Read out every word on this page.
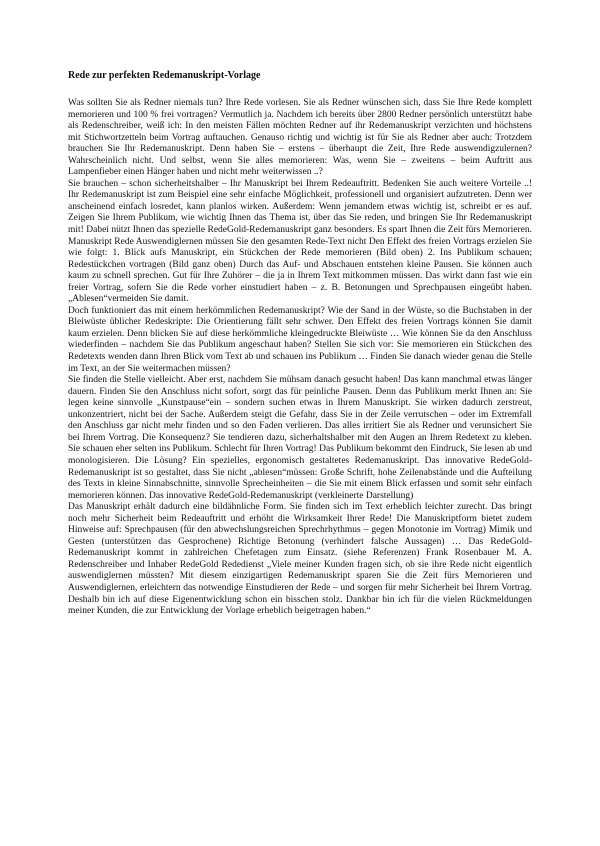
Rede zur perfekten Redemanuskript-Vorlage

Was sollten Sie als Redner niemals tun? Ihre Rede vorlesen. Sie als Redner wünschen sich, dass Sie Ihre Rede komplett memorieren und 100 % frei vortragen? Vermutlich ja. Nachdem ich bereits über 2800 Redner persönlich unterstützt habe als Redenschreiber, weiß ich: In den meisten Fällen möchten Redner auf ihr Redemanuskript verzichten und höchstens mit Stichwortzetteln beim Vortrag auftauchen. Genauso richtig und wichtig ist für Sie als Redner aber auch: Trotzdem brauchen Sie Ihr Redemanuskript. Denn haben Sie – erstens – überhaupt die Zeit, Ihre Rede auswendigzulernen? Wahrscheinlich nicht. Und selbst, wenn Sie alles memorieren: Was, wenn Sie – zweitens – beim Auftritt aus Lampenfieber einen Hänger haben und nicht mehr weiterwissen ..?

Sie brauchen – schon sicherheitshalber – Ihr Manuskript bei Ihrem Redeauftritt. Bedenken Sie auch weitere Vorteile ..! Ihr Redemanuskript ist zum Beispiel eine sehr einfache Möglichkeit, professionell und organisiert aufzutreten. Denn wer anscheinend einfach losredet, kann planlos wirken. Außerdem: Wenn jemandem etwas wichtig ist, schreibt er es auf. Zeigen Sie Ihrem Publikum, wie wichtig Ihnen das Thema ist, über das Sie reden, und bringen Sie Ihr Redemanuskript mit! Dabei nützt Ihnen das spezielle RedeGold-Redemanuskript ganz besonders. Es spart Ihnen die Zeit fürs Memorieren. Manuskript Rede Auswendiglernen müssen Sie den gesamten Rede-Text nicht Den Effekt des freien Vortrags erzielen Sie wie folgt: 1. Blick aufs Manuskript, ein Stückchen der Rede memorieren (Bild oben) 2. Ins Publikum schauen; Redestückchen vortragen (Bild ganz oben) Durch das Auf- und Abschauen entstehen kleine Pausen. Sie können auch kaum zu schnell sprechen. Gut für Ihre Zuhörer – die ja in Ihrem Text mitkommen müssen. Das wirkt dann fast wie ein freier Vortrag, sofern Sie die Rede vorher einstudiert haben – z. B. Betonungen und Sprechpausen eingeübt haben. „Ablesen“vermeiden Sie damit.

Doch funktioniert das mit einem herkömmlichen Redemanuskript? Wie der Sand in der Wüste, so die Buchstaben in der Bleiwüste üblicher Redeskripte: Die Orientierung fällt sehr schwer. Den Effekt des freien Vortrags können Sie damit kaum erzielen. Denn blicken Sie auf diese herkömmliche kleingedruckte Bleiwüste … Wie können Sie da den Anschluss wiederfinden – nachdem Sie das Publikum angeschaut haben? Stellen Sie sich vor: Sie memorieren ein Stückchen des Redetexts wenden dann Ihren Blick vom Text ab und schauen ins Publikum … Finden Sie danach wieder genau die Stelle im Text, an der Sie weitermachen müssen?

Sie finden die Stelle vielleicht. Aber erst, nachdem Sie mühsam danach gesucht haben! Das kann manchmal etwas länger dauern. Finden Sie den Anschluss nicht sofort, sorgt das für peinliche Pausen. Denn das Publikum merkt Ihnen an: Sie legen keine sinnvolle „Kunstpause“ein – sondern suchen etwas in Ihrem Manuskript. Sie wirken dadurch zerstreut, unkonzentriert, nicht bei der Sache. Außerdem steigt die Gefahr, dass Sie in der Zeile verrutschen – oder im Extremfall den Anschluss gar nicht mehr finden und so den Faden verlieren. Das alles irritiert Sie als Redner und verunsichert Sie bei Ihrem Vortrag. Die Konsequenz? Sie tendieren dazu, sicherhaltshalber mit den Augen an Ihrem Redetext zu kleben. Sie schauen eher selten ins Publikum. Schlecht für Ihren Vortrag! Das Publikum bekommt den Eindruck, Sie lesen ab und monologisieren. Die Lösung? Ein spezielles, ergonomisch gestaltetes Redemanuskript. Das innovative RedeGold-Redemanuskript ist so gestaltet, dass Sie nicht „ablesen“müssen: Große Schrift, hohe Zeilenabstände und die Aufteilung des Texts in kleine Sinnabschnitte, sinnvolle Sprecheinheiten – die Sie mit einem Blick erfassen und somit sehr einfach memorieren können. Das innovative RedeGold-Redemanuskript (verkleinerte Darstellung)

Das Manuskript erhält dadurch eine bildähnliche Form. Sie finden sich im Text erheblich leichter zurecht. Das bringt noch mehr Sicherheit beim Redeauftritt und erhöht die Wirksamkeit Ihrer Rede! Die Manuskriptform bietet zudem Hinweise auf: Sprechpausen (für den abwechslungsreichen Sprechrhythmus – gegen Monotonie im Vortrag) Mimik und Gesten (unterstützen das Gesprochene) Richtige Betonung (verhindert falsche Aussagen) … Das RedeGold-Redemanuskript kommt in zahlreichen Chefetagen zum Einsatz. (siehe Referenzen) Frank Rosenbauer M. A. Redenschreiber und Inhaber RedeGold Rededienst „Viele meiner Kunden fragen sich, ob sie ihre Rede nicht eigentlich auswendiglernen müssten? Mit diesem einzigartigen Redemanuskript sparen Sie die Zeit fürs Memorieren und Auswendiglernen, erleichtern das notwendige Einstudieren der Rede – und sorgen für mehr Sicherheit bei Ihrem Vortrag. Deshalb bin ich auf diese Eigenentwicklung schon ein bisschen stolz. Dankbar bin ich für die vielen Rückmeldungen meiner Kunden, die zur Entwicklung der Vorlage erheblich beigetragen haben.“
